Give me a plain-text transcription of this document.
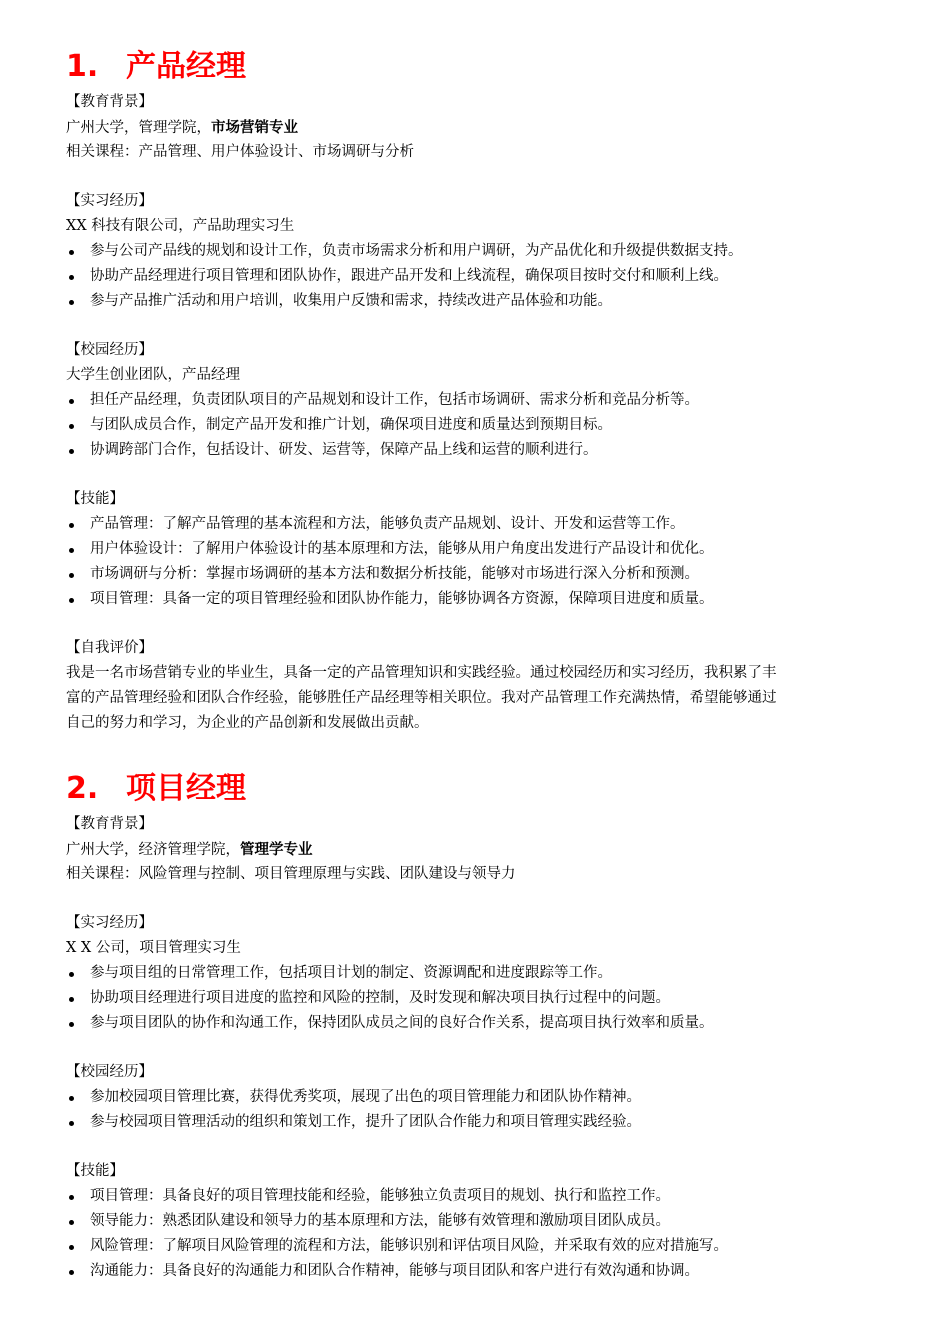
1. 产品经理
【教育背景】
广州大学，管理学院，市场营销专业
相关课程：产品管理、用户体验设计、市场调研与分析
【实习经历】
XX 科技有限公司，产品助理实习生
参与公司产品线的规划和设计工作，负责市场需求分析和用户调研，为产品优化和升级提供数据支持。
协助产品经理进行项目管理和团队协作，跟进产品开发和上线流程，确保项目按时交付和顺利上线。
参与产品推广活动和用户培训，收集用户反馈和需求，持续改进产品体验和功能。
【校园经历】
大学生创业团队，产品经理
担任产品经理，负责团队项目的产品规划和设计工作，包括市场调研、需求分析和竞品分析等。
与团队成员合作，制定产品开发和推广计划，确保项目进度和质量达到预期目标。
协调跨部门合作，包括设计、研发、运营等，保障产品上线和运营的顺利进行。
【技能】
产品管理：了解产品管理的基本流程和方法，能够负责产品规划、设计、开发和运营等工作。
用户体验设计：了解用户体验设计的基本原理和方法，能够从用户角度出发进行产品设计和优化。
市场调研与分析：掌握市场调研的基本方法和数据分析技能，能够对市场进行深入分析和预测。
项目管理：具备一定的项目管理经验和团队协作能力，能够协调各方资源，保障项目进度和质量。
【自我评价】
我是一名市场营销专业的毕业生，具备一定的产品管理知识和实践经验。通过校园经历和实习经历，我积累了丰
富的产品管理经验和团队合作经验，能够胜任产品经理等相关职位。我对产品管理工作充满热情，希望能够通过
自己的努力和学习，为企业的产品创新和发展做出贡献。
2. 项目经理
【教育背景】
广州大学，经济管理学院，管理学专业
相关课程：风险管理与控制、项目管理原理与实践、团队建设与领导力
【实习经历】
X X 公司，项目管理实习生
参与项目组的日常管理工作，包括项目计划的制定、资源调配和进度跟踪等工作。
协助项目经理进行项目进度的监控和风险的控制，及时发现和解决项目执行过程中的问题。
参与项目团队的协作和沟通工作，保持团队成员之间的良好合作关系，提高项目执行效率和质量。
【校园经历】
参加校园项目管理比赛，获得优秀奖项，展现了出色的项目管理能力和团队协作精神。
参与校园项目管理活动的组织和策划工作，提升了团队合作能力和项目管理实践经验。
【技能】
项目管理：具备良好的项目管理技能和经验，能够独立负责项目的规划、执行和监控工作。
领导能力：熟悉团队建设和领导力的基本原理和方法，能够有效管理和激励项目团队成员。
风险管理：了解项目风险管理的流程和方法，能够识别和评估项目风险，并采取有效的应对措施写。
沟通能力：具备良好的沟通能力和团队合作精神，能够与项目团队和客户进行有效沟通和协调。
